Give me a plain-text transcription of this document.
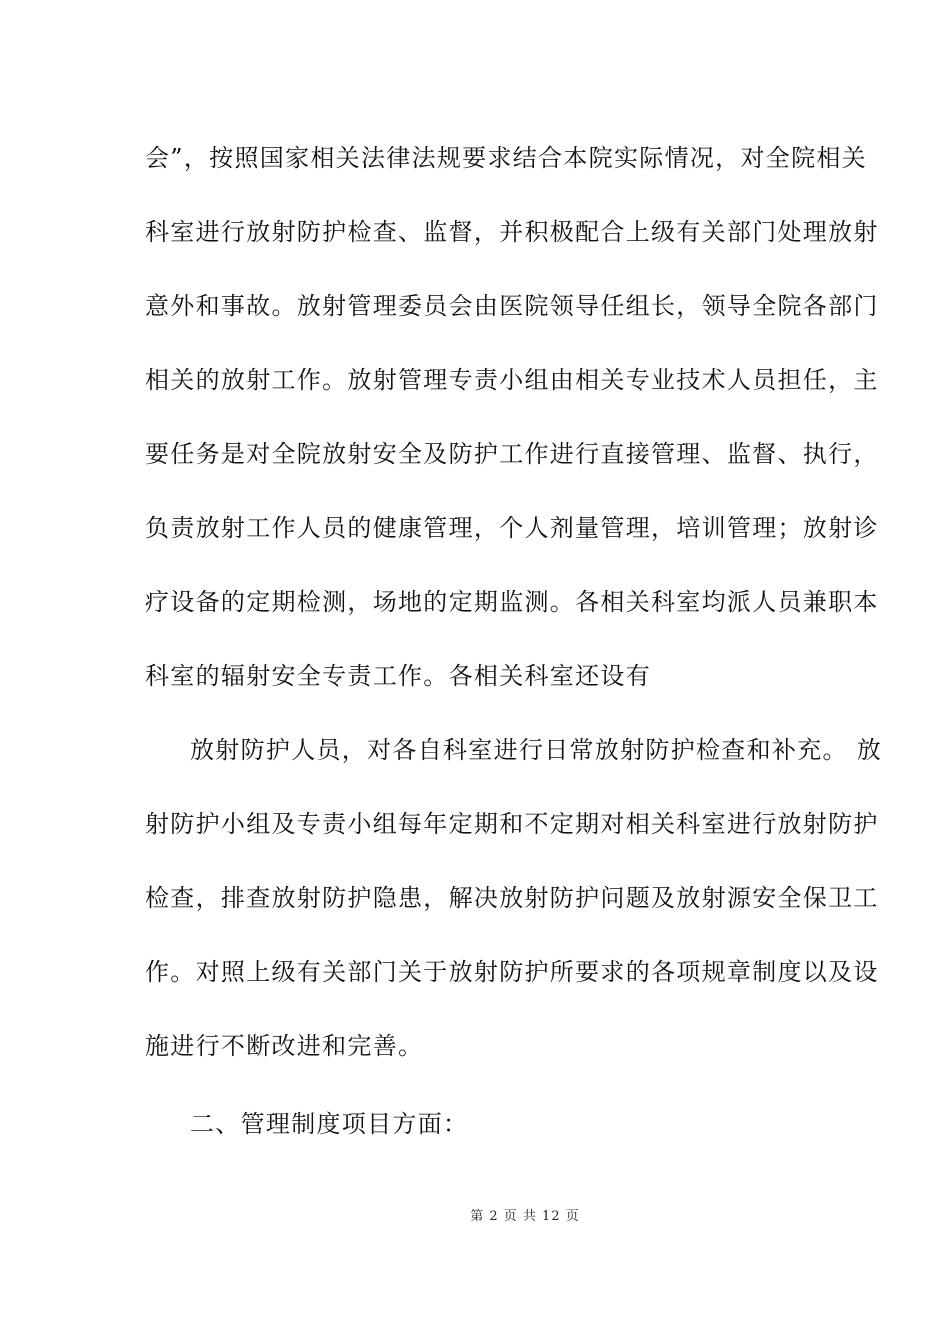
会”，按照国家相关法律法规要求结合本院实际情况，对全院相关
科室进行放射防护检查、监督，并积极配合上级有关部门处理放射
意外和事故。放射管理委员会由医院领导任组长，领导全院各部门
相关的放射工作。放射管理专责小组由相关专业技术人员担任，主
要任务是对全院放射安全及防护工作进行直接管理、监督、执行，
负责放射工作人员的健康管理，个人剂量管理，培训管理；放射诊
疗设备的定期检测，场地的定期监测。各相关科室均派人员兼职本
科室的辐射安全专责工作。各相关科室还设有
放射防护人员，对各自科室进行日常放射防护检查和补充。 放
射防护小组及专责小组每年定期和不定期对相关科室进行放射防护
检查，排查放射防护隐患，解决放射防护问题及放射源安全保卫工
作。对照上级有关部门关于放射防护所要求的各项规章制度以及设
施进行不断改进和完善。
二、管理制度项目方面：
第 2 页 共 12 页
